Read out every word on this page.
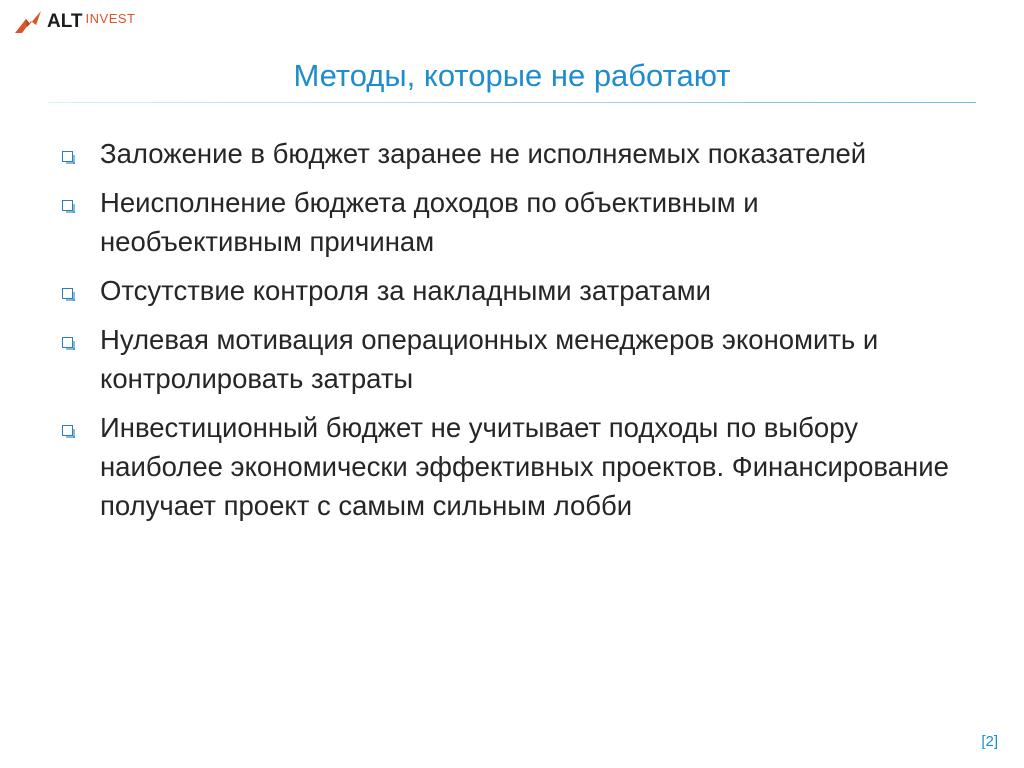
ALT INVEST
Методы, которые не работают
Заложение в бюджет заранее не исполняемых показателей
Неисполнение бюджета доходов по объективным и необъективным причинам
Отсутствие контроля за накладными затратами
Нулевая мотивация операционных менеджеров экономить и контролировать затраты
Инвестиционный бюджет не учитывает подходы по выбору наиболее экономически эффективных проектов. Финансирование получает проект с самым сильным лобби
[2]
